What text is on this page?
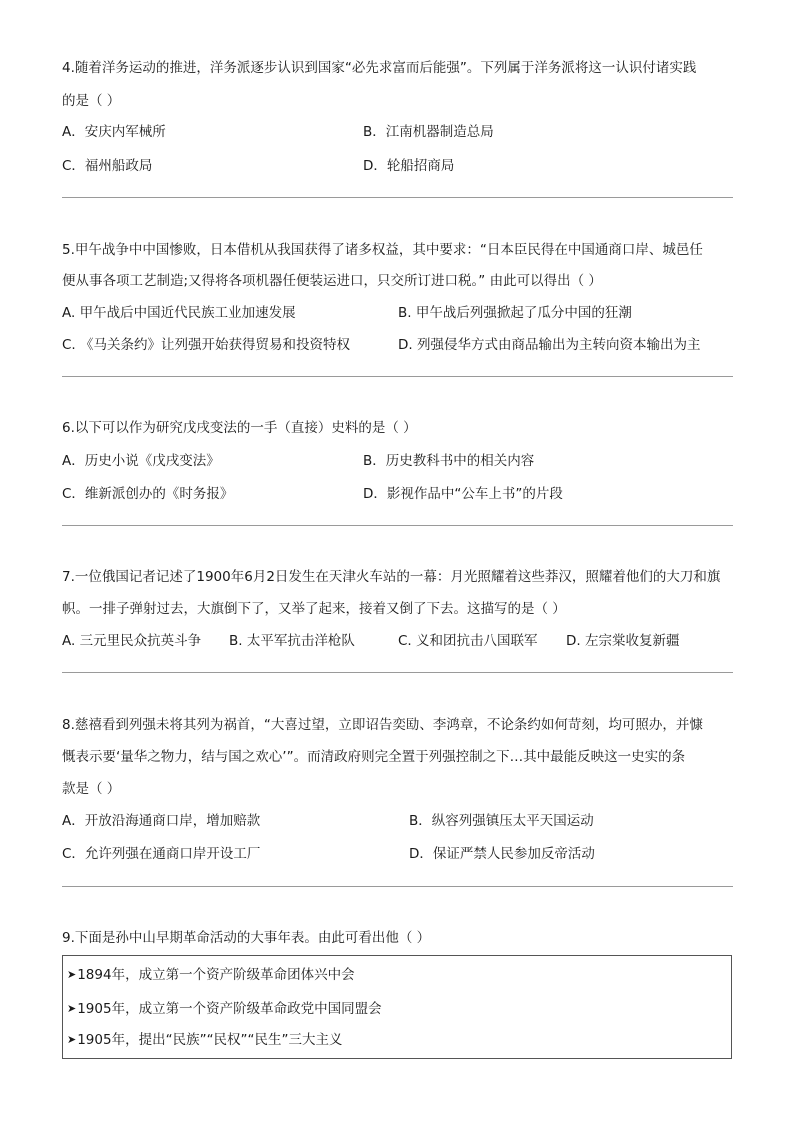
4.随着洋务运动的推进，洋务派逐步认识到国家“必先求富而后能强”。下列属于洋务派将这一认识付诸实践
的是（ ）
A．安庆内军械所	B．江南机器制造总局
C．福州船政局	D．轮船招商局
5.甲午战争中中国惨败，日本借机从我国获得了诸多权益，其中要求：“日本臣民得在中国通商口岸、城邑任
便从事各项工艺制造;又得将各项机器任便装运进口，只交所订进口税。” 由此可以得出（ ）
A. 甲午战后中国近代民族工业加速发展	B. 甲午战后列强掀起了瓜分中国的狂潮
C. 《马关条约》让列强开始获得贸易和投资特权	D. 列强侵华方式由商品输出为主转向资本输出为主
6.以下可以作为研究戊戌变法的一手（直接）史料的是（ ）
A．历史小说《戊戌变法》	B．历史教科书中的相关内容
C．维新派创办的《时务报》	D．影视作品中“公车上书”的片段
7.一位俄国记者记述了1900年6月2日发生在天津火车站的一幕：月光照耀着这些莽汉，照耀着他们的大刀和旗
帜。一排子弹射过去，大旗倒下了，又举了起来，接着又倒了下去。这描写的是（ ）
A. 三元里民众抗英斗争 B. 太平军抗击洋枪队	C. 义和团抗击八国联军 D. 左宗棠收复新疆
8.慈禧看到列强未将其列为祸首，“大喜过望，立即诏告奕劻、李鸿章，不论条约如何苛刻，均可照办，并慷
慨表示要‘量华之物力，结与国之欢心’”。而清政府则完全置于列强控制之下…其中最能反映这一史实的条
款是（ ）
A．开放沿海通商口岸，增加赔款	B．纵容列强镇压太平天国运动
C．允许列强在通商口岸开设工厂	D．保证严禁人民参加反帝活动
9.下面是孙中山早期革命活动的大事年表。由此可看出他（ ）
➤1894年，成立第一个资产阶级革命团体兴中会
➤1905年，成立第一个资产阶级革命政党中国同盟会
➤1905年，提出“民族”“民权”“民生”三大主义
